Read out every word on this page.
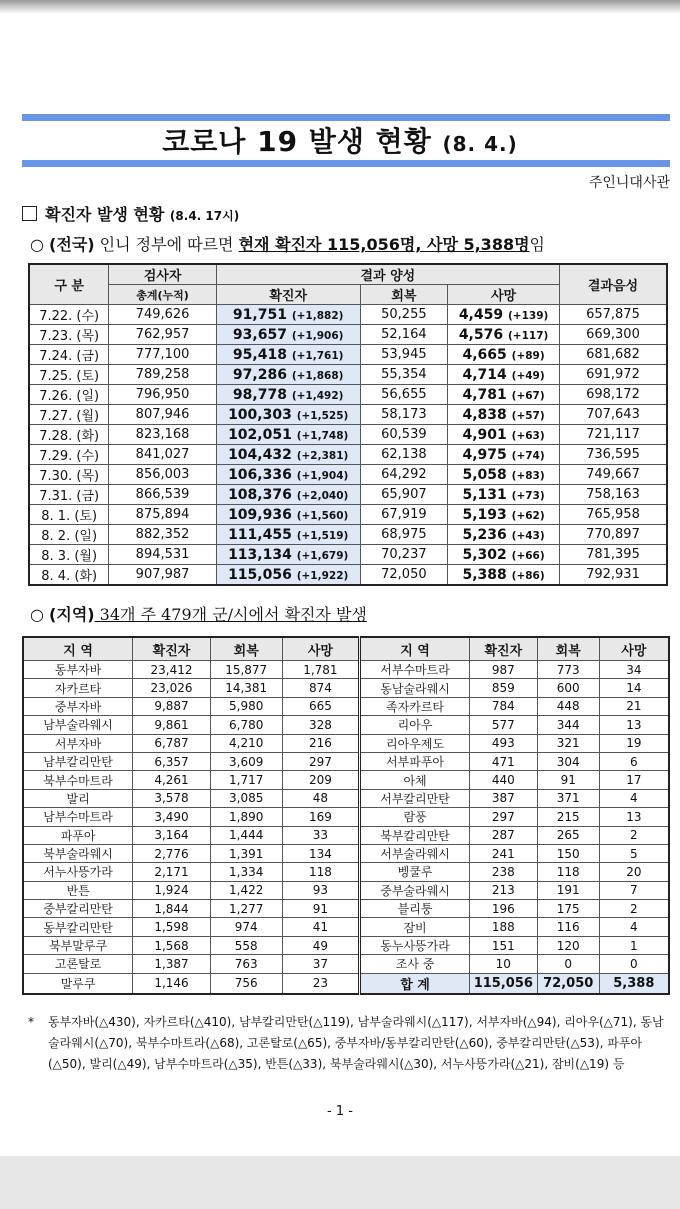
코로나 19 발생 현황 (8. 4.)
주인니대사관
확진자 발생 현황 (8.4. 17시)
○ (전국) 인니 정부에 따르면 현재 확진자 115,056명, 사망 5,388명임
구 분	검사자	결과 양성			결과음성
	총계(누적)	확진자	회복	사망	
7.22. (수)	749,626	91,751 (+1,882)	50,255	4,459 (+139)	657,875
7.23. (목)	762,957	93,657 (+1,906)	52,164	4,576 (+117)	669,300
7.24. (금)	777,100	95,418 (+1,761)	53,945	4,665 (+89)	681,682
7.25. (토)	789,258	97,286 (+1,868)	55,354	4,714 (+49)	691,972
7.26. (일)	796,950	98,778 (+1,492)	56,655	4,781 (+67)	698,172
7.27. (월)	807,946	100,303 (+1,525)	58,173	4,838 (+57)	707,643
7.28. (화)	823,168	102,051 (+1,748)	60,539	4,901 (+63)	721,117
7.29. (수)	841,027	104,432 (+2,381)	62,138	4,975 (+74)	736,595
7.30. (목)	856,003	106,336 (+1,904)	64,292	5,058 (+83)	749,667
7.31. (금)	866,539	108,376 (+2,040)	65,907	5,131 (+73)	758,163
8. 1. (토)	875,894	109,936 (+1,560)	67,919	5,193 (+62)	765,958
8. 2. (일)	882,352	111,455 (+1,519)	68,975	5,236 (+43)	770,897
8. 3. (월)	894,531	113,134 (+1,679)	70,237	5,302 (+66)	781,395
8. 4. (화)	907,987	115,056 (+1,922)	72,050	5,388 (+86)	792,931
○ (지역) 34개 주 479개 군/시에서 확진자 발생
지 역	확진자	회복	사망	지 역	확진자	회복	사망
동부자바	23,412	15,877	1,781	서부수마트라	987	773	34
자카르타	23,026	14,381	874	동남술라웨시	859	600	14
중부자바	9,887	5,980	665	족자카르타	784	448	21
남부술라웨시	9,861	6,780	328	리아우	577	344	13
서부자바	6,787	4,210	216	리아우제도	493	321	19
남부칼리만탄	6,357	3,609	297	서부파푸아	471	304	6
북부수마트라	4,261	1,717	209	아체	440	91	17
발리	3,578	3,085	48	서부칼리만탄	387	371	4
남부수마트라	3,490	1,890	169	람풍	297	215	13
파푸아	3,164	1,444	33	북부칼리만탄	287	265	2
북부술라웨시	2,776	1,391	134	서부술라웨시	241	150	5
서누사뜽가라	2,171	1,334	118	벵쿨루	238	118	20
반튼	1,924	1,422	93	중부술라웨시	213	191	7
중부칼리만탄	1,844	1,277	91	블리퉁	196	175	2
동부칼리만탄	1,598	974	41	잠비	188	116	4
북부말루쿠	1,568	558	49	동누사뜽가라	151	120	1
고론탈로	1,387	763	37	조사 중	10	0	0
말루쿠	1,146	756	23	합 계	115,056	72,050	5,388
* 동부자바(△430), 자카르타(△410), 남부칼리만탄(△119), 남부술라웨시(△117), 서부자바(△94), 리아우(△71), 동남술라웨시(△70), 북부수마트라(△68), 고론탈로(△65), 중부자바/동부칼리만탄(△60), 중부칼리만탄(△53), 파푸아(△50), 발리(△49), 남부수마트라(△35), 반튼(△33), 북부술라웨시(△30), 서누사뜽가라(△21), 잠비(△19) 등
- 1 -
